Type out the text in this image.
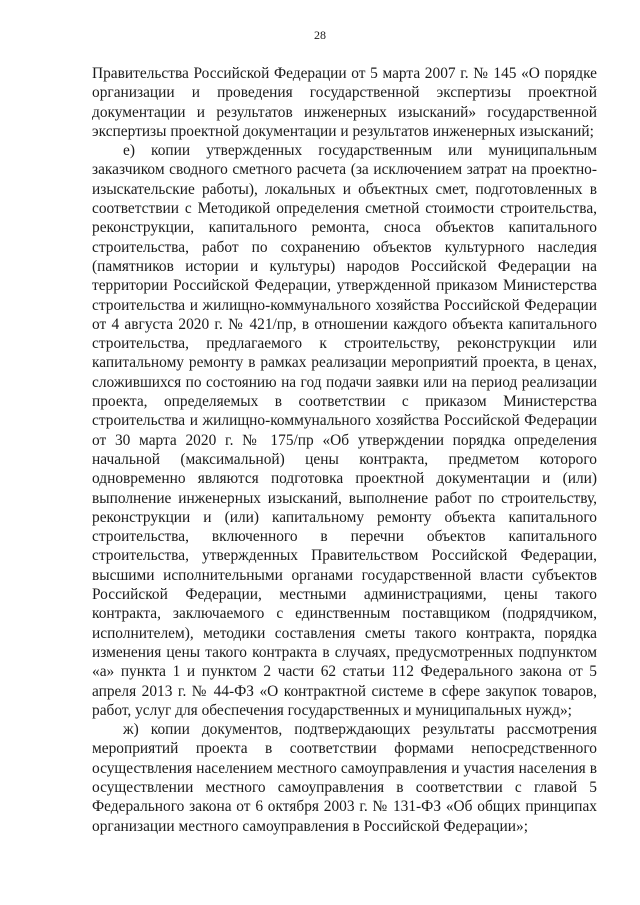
28

Правительства Российской Федерации от 5 марта 2007 г. № 145 «О порядке организации и проведения государственной экспертизы проектной документации и результатов инженерных изысканий» государственной экспертизы проектной документации и результатов инженерных изысканий;

е) копии утвержденных государственным или муниципальным заказчиком сводного сметного расчета (за исключением затрат на проектно-изыскательские работы), локальных и объектных смет, подготовленных в соответствии с Методикой определения сметной стоимости строительства, реконструкции, капитального ремонта, сноса объектов капитального строительства, работ по сохранению объектов культурного наследия (памятников истории и культуры) народов Российской Федерации на территории Российской Федерации, утвержденной приказом Министерства строительства и жилищно-коммунального хозяйства Российской Федерации от 4 августа 2020 г. № 421/пр, в отношении каждого объекта капитального строительства, предлагаемого к строительству, реконструкции или капитальному ремонту в рамках реализации мероприятий проекта, в ценах, сложившихся по состоянию на год подачи заявки или на период реализации проекта, определяемых в соответствии с приказом Министерства строительства и жилищно-коммунального хозяйства Российской Федерации от 30 марта 2020 г. № 175/пр «Об утверждении порядка определения начальной (максимальной) цены контракта, предметом которого одновременно являются подготовка проектной документации и (или) выполнение инженерных изысканий, выполнение работ по строительству, реконструкции и (или) капитальному ремонту объекта капитального строительства, включенного в перечни объектов капитального строительства, утвержденных Правительством Российской Федерации, высшими исполнительными органами государственной власти субъектов Российской Федерации, местными администрациями, цены такого контракта, заключаемого с единственным поставщиком (подрядчиком, исполнителем), методики составления сметы такого контракта, порядка изменения цены такого контракта в случаях, предусмотренных подпунктом «а» пункта 1 и пунктом 2 части 62 статьи 112 Федерального закона от 5 апреля 2013 г. № 44-ФЗ «О контрактной системе в сфере закупок товаров, работ, услуг для обеспечения государственных и муниципальных нужд»;

ж) копии документов, подтверждающих результаты рассмотрения мероприятий проекта в соответствии формами непосредственного осуществления населением местного самоуправления и участия населения в осуществлении местного самоуправления в соответствии с главой 5 Федерального закона от 6 октября 2003 г. № 131-ФЗ «Об общих принципах организации местного самоуправления в Российской Федерации»;
